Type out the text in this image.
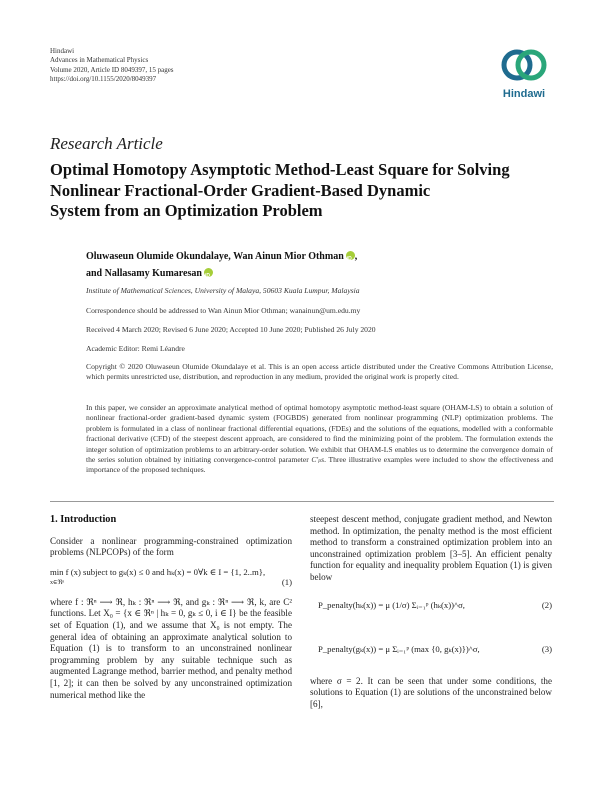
Hindawi
Advances in Mathematical Physics
Volume 2020, Article ID 8049397, 15 pages
https://doi.org/10.1155/2020/8049397
Hindawi
Research Article
Optimal Homotopy Asymptotic Method-Least Square for Solving
Nonlinear Fractional-Order Gradient-Based Dynamic
System from an Optimization Problem
Oluwaseun Olumide Okundalaye, Wan Ainun Mior OthmaniD ,
and Nallasamy KumaresaniD
Institute of Mathematical Sciences, University of Malaya, 50603 Kuala Lumpur, Malaysia
Correspondence should be addressed to Wan Ainun Mior Othman; wanainun@um.edu.my
Received 4 March 2020; Revised 6 June 2020; Accepted 10 June 2020; Published 26 July 2020
Academic Editor: Remi Léandre
Copyright © 2020 Oluwaseun Olumide Okundalaye et al. This is an open access article distributed under the Creative Commons Attribution License, which permits unrestricted use, distribution, and reproduction in any medium, provided the original work is properly cited.
In this paper, we consider an approximate analytical method of optimal homotopy asymptotic method-least square (OHAM-LS) to obtain a solution of nonlinear fractional-order gradient-based dynamic system (FOGBDS) generated from nonlinear programming (NLP) optimization problems. The problem is formulated in a class of nonlinear fractional differential equations, (FDEs) and the solutions of the equations, modelled with a conformable fractional derivative (CFD) of the steepest descent approach, are considered to find the minimizing point of the problem. The formulation extends the integer solution of optimization problems to an arbitrary-order solution. We exhibit that OHAM-LS enables us to determine the convergence domain of the series solution obtained by initiating convergence-control parameter C′ₚs. Three illustrative examples were included to show the effectiveness and importance of the proposed techniques.
1. Introduction

Consider a nonlinear programming-constrained optimization problems (NLPCOPs) of the form

min f (x) subject to gₖ(x) ≤ 0 and hₖ(x) = 0∀k ∈ I = {1, 2..m},
x∈ℜⁿ	(1)

where f : ℜⁿ ⟶ ℜ, hₖ : ℜⁿ ⟶ ℜ, and gₖ : ℜⁿ ⟶ ℜ, k, are C² functions. Let X₀ = {x ∈ ℜⁿ | hₖ = 0, gₖ ≤ 0, i ∈ I} be the feasible set of Equation (1), and we assume that X₀ is not empty. The general idea of obtaining an approximate analytical solution to Equation (1) is to transform to an unconstrained nonlinear programming problem by any suitable technique such as augmented Lagrange method, barrier method, and penalty method [1, 2]; it can then be solved by any unconstrained optimization numerical method like the

steepest descent method, conjugate gradient method, and Newton method. In optimization, the penalty method is the most efficient method to transform a constrained optimization problem into an unconstrained optimization problem [3–5]. An efficient penalty function for equality and inequality problem Equation (1) is given below

P_penalty(hₖ(x)) = μ (1/σ) Σᵢ₌₁ᵖ (hₖ(x))^σ,	(2)
P_penalty(gₖ(x)) = μ Σᵢ₌₁ᵖ (max {0, gₖ(x)})^σ,	(3)

where σ = 2. It can be seen that under some conditions, the solutions to Equation (1) are solutions of the unconstrained below [6],
